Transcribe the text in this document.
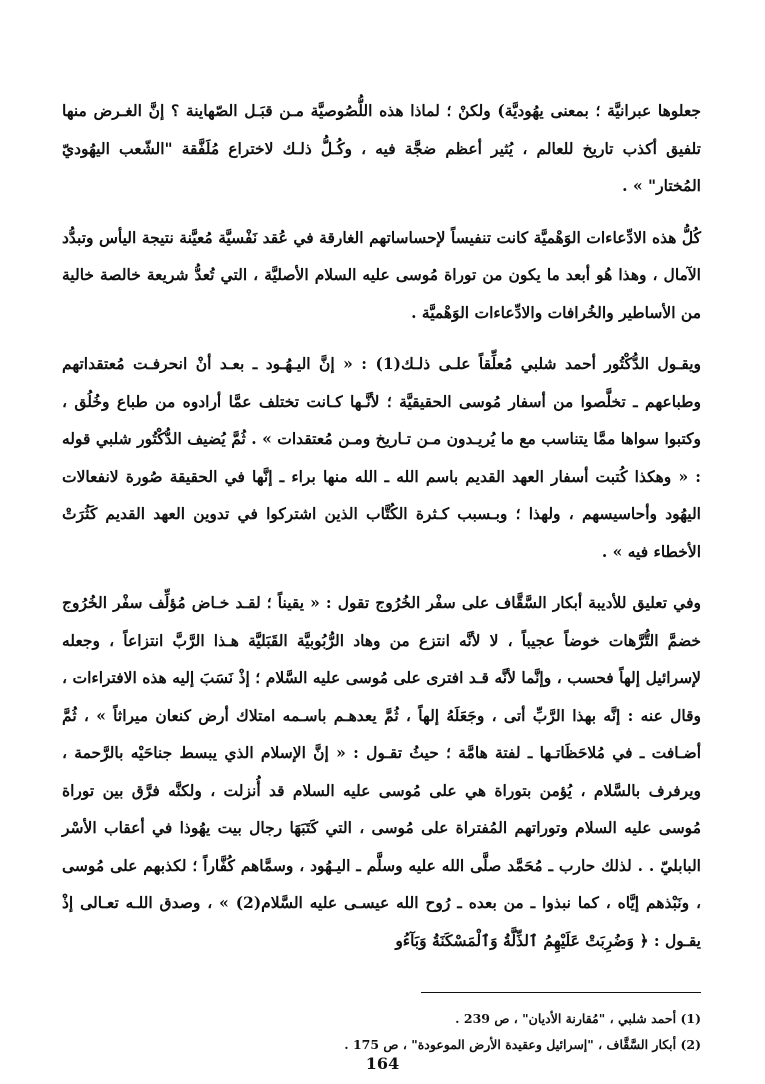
جعلوها عبرانيَّة ؛ بمعنى يهُوديَّة) ولكنْ ؛ لماذا هذه اللُّصُوصيَّة مـن قبَـل الصّهاينة ؟ إنَّ الغـرض منها تلفيق أكذب تاريخ للعالم ، يُثير أعظم ضجَّة فيه ، وكُـلُّ ذلـك لاختراع مُلَفَّقة "الشّعب اليهُوديّ المُختار" » .

كُلُّ هذه الادِّعاءات الوَهْميَّة كانت تنفيساً لإحساساتهم الغارقة في عُقد نَفْسيَّة مُعيَّنة نتيجة اليأس وتبدُّد الآمال ، وهذا هُو أبعد ما يكون من توراة مُوسى عليه السلام الأصليَّة ، التي تُعدُّ شريعة خالصة خالية من الأساطير والخُرافات والادِّعاءات الوَهْميَّة .

ويقـول الدُّكْتُور أحمد شلبي مُعلِّقاً علـى ذلـك(1) : « إنَّ اليـهُـود ـ بعـد أنْ انحرفـت مُعتقداتهم وطباعهم ـ تخلَّصوا من أسفار مُوسى الحقيقيَّة ؛ لأنَّـها كـانت تختلف عمَّا أرادوه من طباع وخُلُق ، وكتبوا سواها ممَّا يتناسب مع ما يُريـدون مـن تـاريخ ومـن مُعتقدات » . ثُمَّ يُضيف الدُّكْتُور شلبي قوله : « وهكذا كُتبت أسفار العهد القديم باسم الله ـ الله منها براء ـ إنَّها في الحقيقة صُورة لانفعالات اليهُود وأحاسيسهم ، ولهذا ؛ وبـسبب كـثرة الكُتَّاب الذين اشتركوا في تدوين العهد القديم كَثُرَتْ الأخطاء فيه » .

وفي تعليق للأديبة أبكار السَّقَّاف على سفْر الخُرُوج تقول : « يقيناً ؛ لقـد خـاض مُؤلِّف سفْر الخُرُوج خضمَّ التُّرَّهات خوضاً عجيباً ، لا لأنَّه انتزع من وهاد الرُّبُوبيَّة القَبَليَّة هـذا الرَّبَّ انتزاعاً ، وجعله لإسرائيل إلهاً فحسب ، وإنَّما لأنَّه قـد افترى على مُوسى عليه السَّلام ؛ إذْ نَسَبَ إليه هذه الافتراءات ، وقال عنه : إنَّه بهذا الرَّبِّ أتى ، وجَعَلَهُ إلهاً ، ثُمَّ يعدهـم باسـمه امتلاك أرض كنعان ميراثاً » ، ثُمَّ أضـافت ـ في مُلاحَظَاتـها ـ لفتة هامَّة ؛ حيثُ تقـول : « إنَّ الإسلام الذي يبسط جناحَيْه بالرَّحمة ، ويرفرف بالسَّلام ، يُؤمن بتوراة هي على مُوسى عليه السلام قد أُنزلت ، ولكنَّه فرَّق بين توراة مُوسى عليه السلام وتوراتهم المُفتراة على مُوسى ، التي كَتَبَهَا رجال بيت يهُوذا في أعقاب الأسْر البابليّ . . لذلك حارب ـ مُحَمَّد صلَّى الله عليه وسلَّم ـ اليـهُود ، وسمَّاهم كُفَّاراً ؛ لكذبهم على مُوسى ، ونَبْذهم إيَّاه ، كما نبذوا ـ من بعده ـ رُوح الله عيسـى عليه السَّلام(2) » ، وصدق اللـه تعـالى إذْ يقـول : ﴿ وَضُرِبَتْ عَلَيْهِمُ ٱلذِّلَّةُ وَٱلْمَسْكَنَةُ وَبَآءُو

(1) أحمد شلبي ، "مُقارنة الأديان" ، ص 239 .

(2) أبكار السَّقَّاف ، "إسرائيل وعقيدة الأرض الموعودة" ، ص 175 .

164
